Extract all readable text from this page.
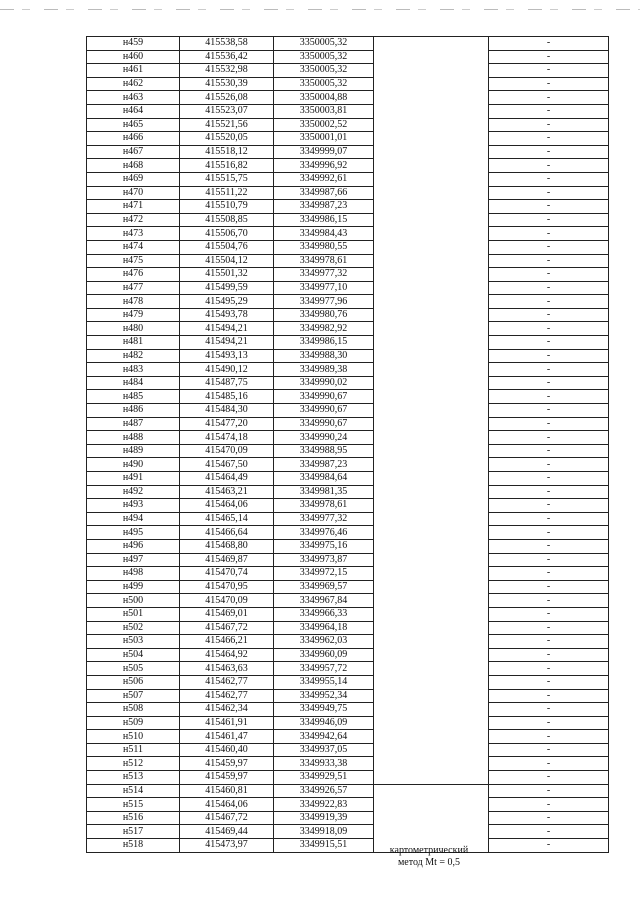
н459	415538,58	3350005,32		-
н460	415536,42	3350005,32		-
н461	415532,98	3350005,32		-
н462	415530,39	3350005,32		-
н463	415526,08	3350004,88		-
н464	415523,07	3350003,81		-
н465	415521,56	3350002,52		-
н466	415520,05	3350001,01		-
н467	415518,12	3349999,07		-
н468	415516,82	3349996,92		-
н469	415515,75	3349992,61		-
н470	415511,22	3349987,66		-
н471	415510,79	3349987,23		-
н472	415508,85	3349986,15		-
н473	415506,70	3349984,43		-
н474	415504,76	3349980,55		-
н475	415504,12	3349978,61		-
н476	415501,32	3349977,32		-
н477	415499,59	3349977,10		-
н478	415495,29	3349977,96		-
н479	415493,78	3349980,76		-
н480	415494,21	3349982,92		-
н481	415494,21	3349986,15		-
н482	415493,13	3349988,30		-
н483	415490,12	3349989,38		-
н484	415487,75	3349990,02		-
н485	415485,16	3349990,67		-
н486	415484,30	3349990,67		-
н487	415477,20	3349990,67		-
н488	415474,18	3349990,24		-
н489	415470,09	3349988,95		-
н490	415467,50	3349987,23		-
н491	415464,49	3349984,64		-
н492	415463,21	3349981,35		-
н493	415464,06	3349978,61		-
н494	415465,14	3349977,32		-
н495	415466,64	3349976,46		-
н496	415468,80	3349975,16		-
н497	415469,87	3349973,87		-
н498	415470,74	3349972,15		-
н499	415470,95	3349969,57		-
н500	415470,09	3349967,84		-
н501	415469,01	3349966,33		-
н502	415467,72	3349964,18		-
н503	415466,21	3349962,03		-
н504	415464,92	3349960,09		-
н505	415463,63	3349957,72		-
н506	415462,77	3349955,14		-
н507	415462,77	3349952,34		-
н508	415462,34	3349949,75		-
н509	415461,91	3349946,09		-
н510	415461,47	3349942,64		-
н511	415460,40	3349937,05		-
н512	415459,97	3349933,38		-
н513	415459,97	3349929,51		-
н514	415460,81	3349926,57		-
н515	415464,06	3349922,83		-
н516	415467,72	3349919,39		-
н517	415469,44	3349918,09		-
н518	415473,97	3349915,51		-
картометрический
метод Mt = 0,5
